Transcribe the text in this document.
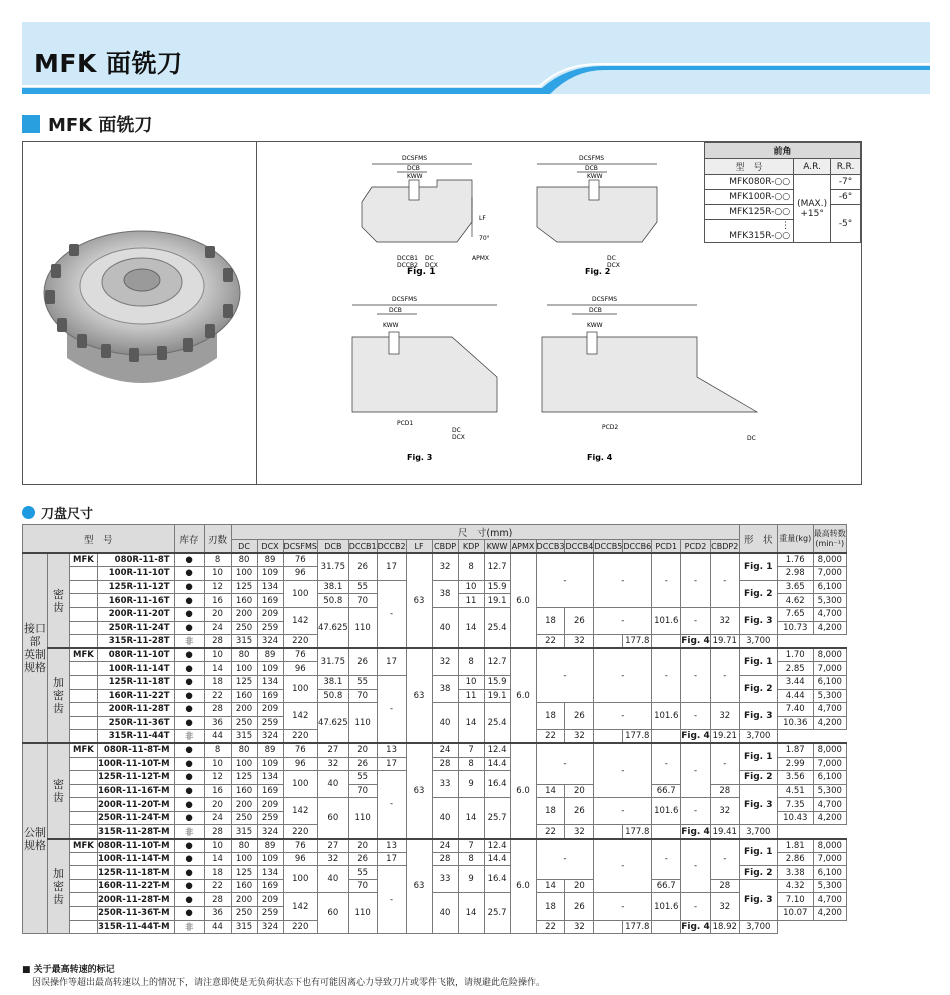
MFK 面铣刀
MFK 面铣刀
Fig. 1	Fig. 2
Fig. 3	Fig. 4
DCSFMS	DCSFMS
DCSFMS	DCSFMS
DCB	DCB
DCB	DCB
KWW	KWW
KWW	KWW
LF
APMX
DC
DCX
DCCB1
DCCB2
DC
DCX
DC
DCX
PCD1
PCD2
DC
70°
前角		
型　号	A.R.	R.R.
MFK080R-○○	(MAX.) +15°	-7°
MFK100R-○○		-6°
MFK125R-○○		-5°
⋮
MFK315R-○○		
刀盘尺寸
型　号				库存	刃数	尺　寸(mm)																		形　状	重量(kg)	最高转数(min⁻¹)
						DC	DCX	DCSFMS	DCB	DCCB1	DCCB2	LF	CBDP	KDP	KWW	APMX	DCCB3	DCCB4	DCCB5	DCCB6	PCD1	PCD2	CBDP2			
接口部 英制规格	密齿	MFK	080R-11-8T	●	8	80	89	76	31.75	26	17	63	32	8	12.7	6.0	-		-		-	-	-	Fig. 1	1.76	8,000
			100R-11-10T	●	10	100	109	96																	2.98	7,000
			125R-11-12T	●	12	125	134	100	38.1	55	-		38	10	15.9									Fig. 2	3.65	6,100
			160R-11-16T	●	16	160	169		50.8	70				11	19.1										4.62	5,300
			200R-11-20T	●	20	200	209	142	47.625	110			40	14	25.4		18	26	-		101.6	-	32	Fig. 3	7.65	4,700
			250R-11-24T	●	24	250	259																		10.73	4,200
			315R-11-28T	非	28	315	324	220									22	32		177.8		Fig. 4	19.71	3,700		
	加密齿	MFK	080R-11-10T	●	10	80	89	76	31.75	26	17	63	32	8	12.7	6.0	-		-		-	-	-	Fig. 1	1.70	8,000
			100R-11-14T	●	14	100	109	96																	2.85	7,000
			125R-11-18T	●	18	125	134	100	38.1	55	-		38	10	15.9									Fig. 2	3.44	6,100
			160R-11-22T	●	22	160	169		50.8	70				11	19.1										4.44	5,300
			200R-11-28T	●	28	200	209	142	47.625	110			40	14	25.4		18	26	-		101.6	-	32	Fig. 3	7.40	4,700
			250R-11-36T	●	36	250	259																		10.36	4,200
			315R-11-44T	非	44	315	324	220									22	32		177.8		Fig. 4	19.21	3,700		
公制规格	密齿	MFK	080R-11-8T-M	●	8	80	89	76	27	20	13	63	24	7	12.4	6.0	-		-		-	-	-	Fig. 1	1.87	8,000
			100R-11-10T-M	●	10	100	109	96	32	26	17		28	8	14.4										2.99	7,000
			125R-11-12T-M	●	12	125	134	100	40	55	-		33	9	16.4									Fig. 2	3.56	6,100
			160R-11-16T-M	●	16	160	169			70							14	20			66.7		28	Fig. 3	4.51	5,300
			200R-11-20T-M	●	20	200	209	142	60	110			40	14	25.7		18	26	-		101.6	-	32		7.35	4,700
			250R-11-24T-M	●	24	250	259																		10.43	4,200
			315R-11-28T-M	非	28	315	324	220									22	32		177.8		Fig. 4	19.41	3,700		
	加密齿	MFK	080R-11-10T-M	●	10	80	89	76	27	20	13	63	24	7	12.4	6.0	-		-		-	-	-	Fig. 1	1.81	8,000
			100R-11-14T-M	●	14	100	109	96	32	26	17		28	8	14.4										2.86	7,000
			125R-11-18T-M	●	18	125	134	100	40	55	-		33	9	16.4									Fig. 2	3.38	6,100
			160R-11-22T-M	●	22	160	169			70							14	20			66.7		28	Fig. 3	4.32	5,300
			200R-11-28T-M	●	28	200	209	142	60	110			40	14	25.7		18	26	-		101.6	-	32		7.10	4,700
			250R-11-36T-M	●	36	250	259																		10.07	4,200
			315R-11-44T-M	非	44	315	324	220									22	32		177.8		Fig. 4	18.92	3,700		
■ 关于最高转速的标记
因误操作等超出最高转速以上的情况下，请注意即使是无负荷状态下也有可能因离心力导致刀片或零件飞散，请规避此危险操作。
